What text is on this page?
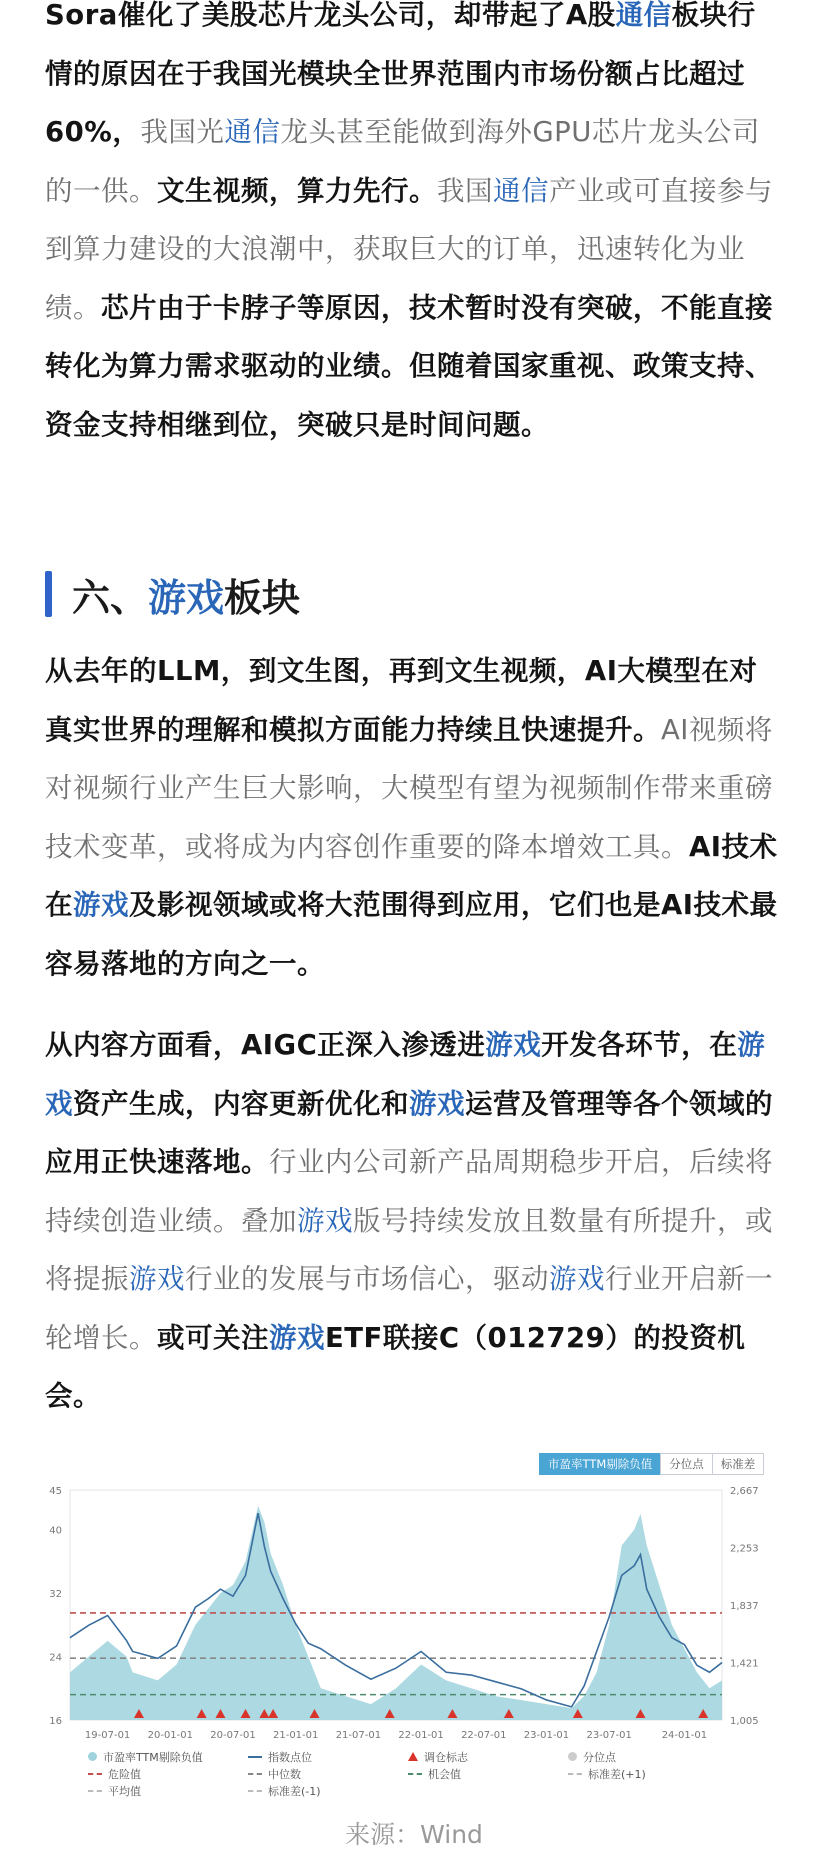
Sora催化了美股芯片龙头公司，却带起了A股通信板块行情的原因在于我国光模块全世界范围内市场份额占比超过60%，我国光通信龙头甚至能做到海外GPU芯片龙头公司的一供。文生视频，算力先行。我国通信产业或可直接参与到算力建设的大浪潮中，获取巨大的订单，迅速转化为业绩。芯片由于卡脖子等原因，技术暂时没有突破，不能直接转化为算力需求驱动的业绩。但随着国家重视、政策支持、资金支持相继到位，突破只是时间问题。

六、 游戏 板块

从去年的LLM，到文生图，再到文生视频，AI大模型在对真实世界的理解和模拟方面能力持续且快速提升。AI视频将对视频行业产生巨大影响，大模型有望为视频制作带来重磅技术变革，或将成为内容创作重要的降本增效工具。AI技术在游戏及影视领域或将大范围得到应用，它们也是AI技术最容易落地的方向之一。

从内容方面看，AIGC正深入渗透进游戏开发各环节，在游戏资产生成，内容更新优化和游戏运营及管理等各个领域的应用正快速落地。行业内公司新产品周期稳步开启，后续将持续创造业绩。叠加游戏版号持续发放且数量有所提升，或将提振游戏行业的发展与市场信心，驱动游戏行业开启新一轮增长。或可关注游戏ETF联接C（012729）的投资机会。

市盈率TTM剔除负值	分位点	标准差
45
40
32
24
16
2,667
2,253
1,837
1,421
1,005
19-07-01 20-01-01 20-07-01 21-01-01 21-07-01 22-01-01 22-07-01 23-01-01 23-07-01	24-01-01
市盈率TTM剔除负值	指数点位	调仓标志	分位点
危险值	中位数	机会值	标准差(+1)
平均值	标准差(-1)
来源：Wind
